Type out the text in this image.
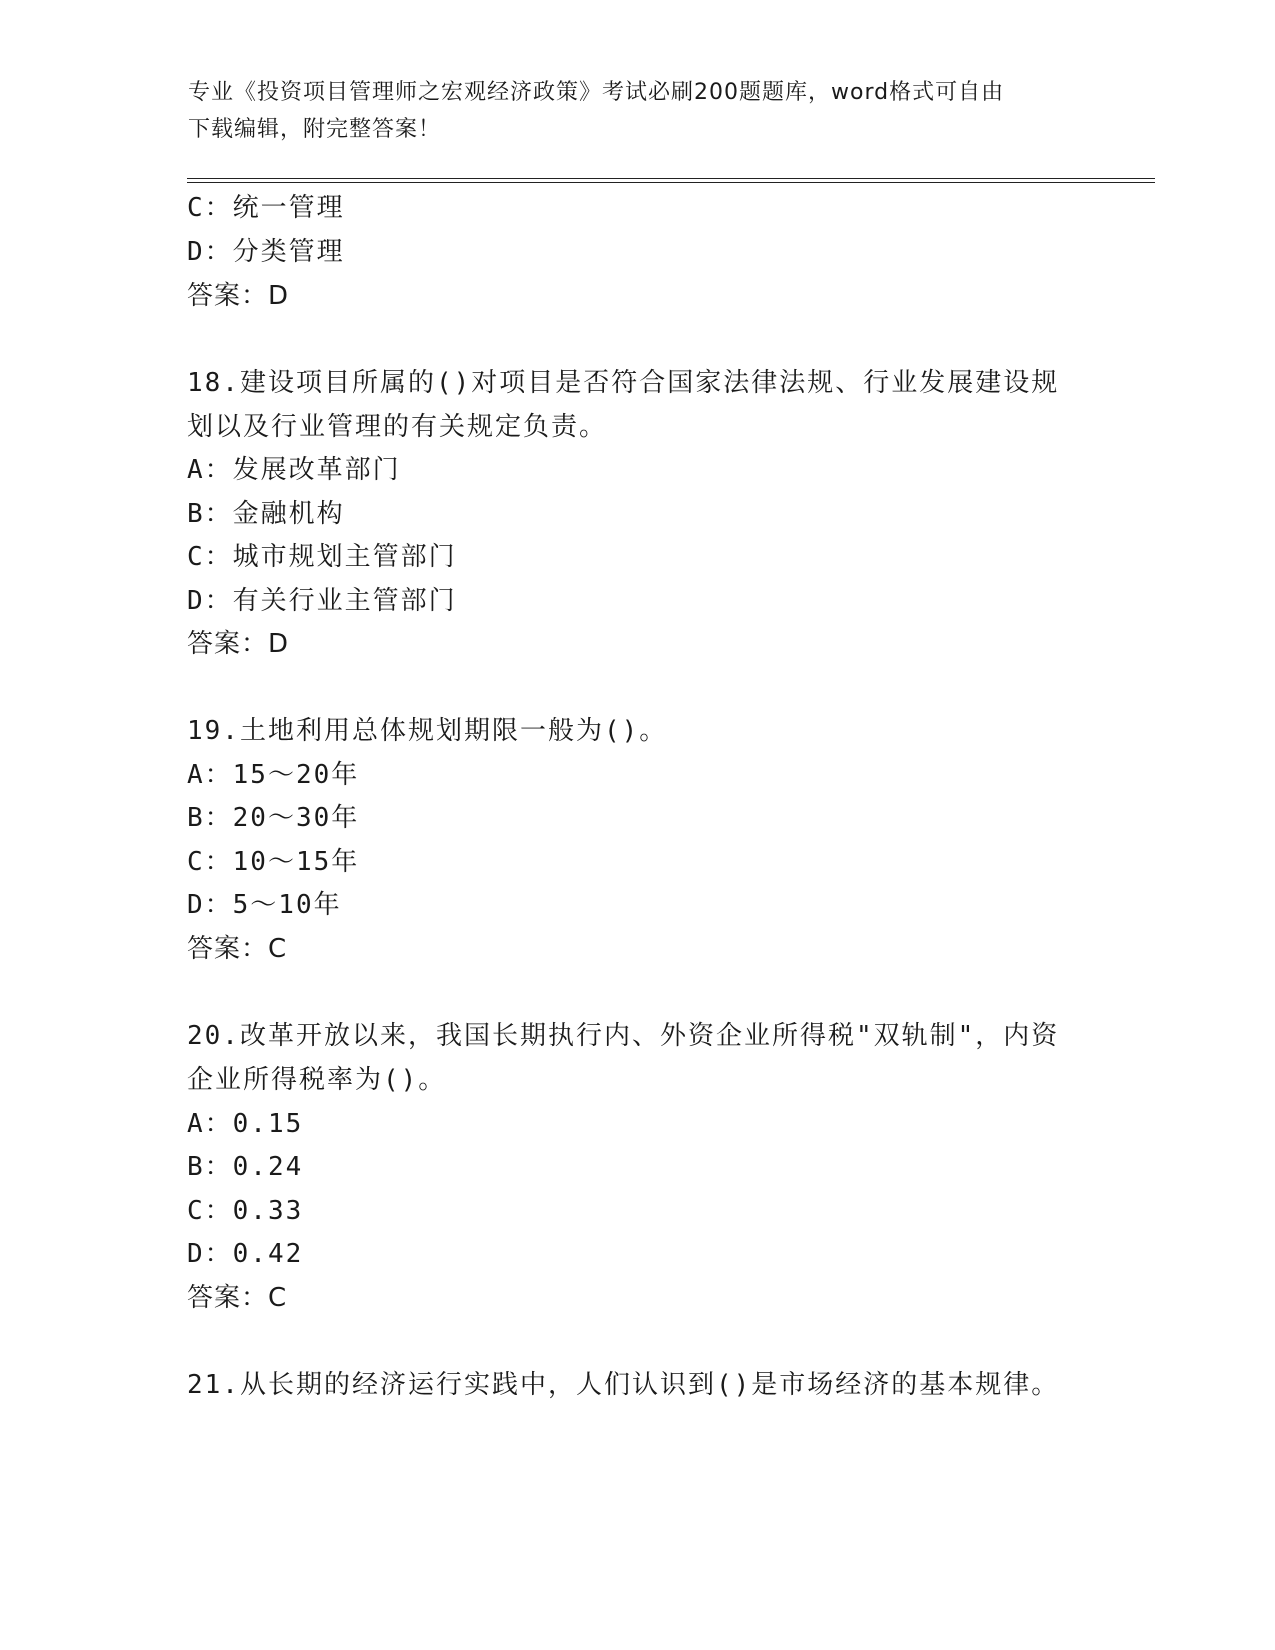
专业《投资项目管理师之宏观经济政策》考试必刷200题题库，word格式可自由
下载编辑，附完整答案！
C：统一管理
D：分类管理
答案：D
18.建设项目所属的()对项目是否符合国家法律法规、行业发展建设规
划以及行业管理的有关规定负责。
A：发展改革部门
B：金融机构
C：城市规划主管部门
D：有关行业主管部门
答案：D
19.土地利用总体规划期限一般为()。
A：15～20年
B：20～30年
C：10～15年
D：5～10年
答案：C
20.改革开放以来，我国长期执行内、外资企业所得税"双轨制"，内资
企业所得税率为()。
A：0.15
B：0.24
C：0.33
D：0.42
答案：C
21.从长期的经济运行实践中，人们认识到()是市场经济的基本规律。
